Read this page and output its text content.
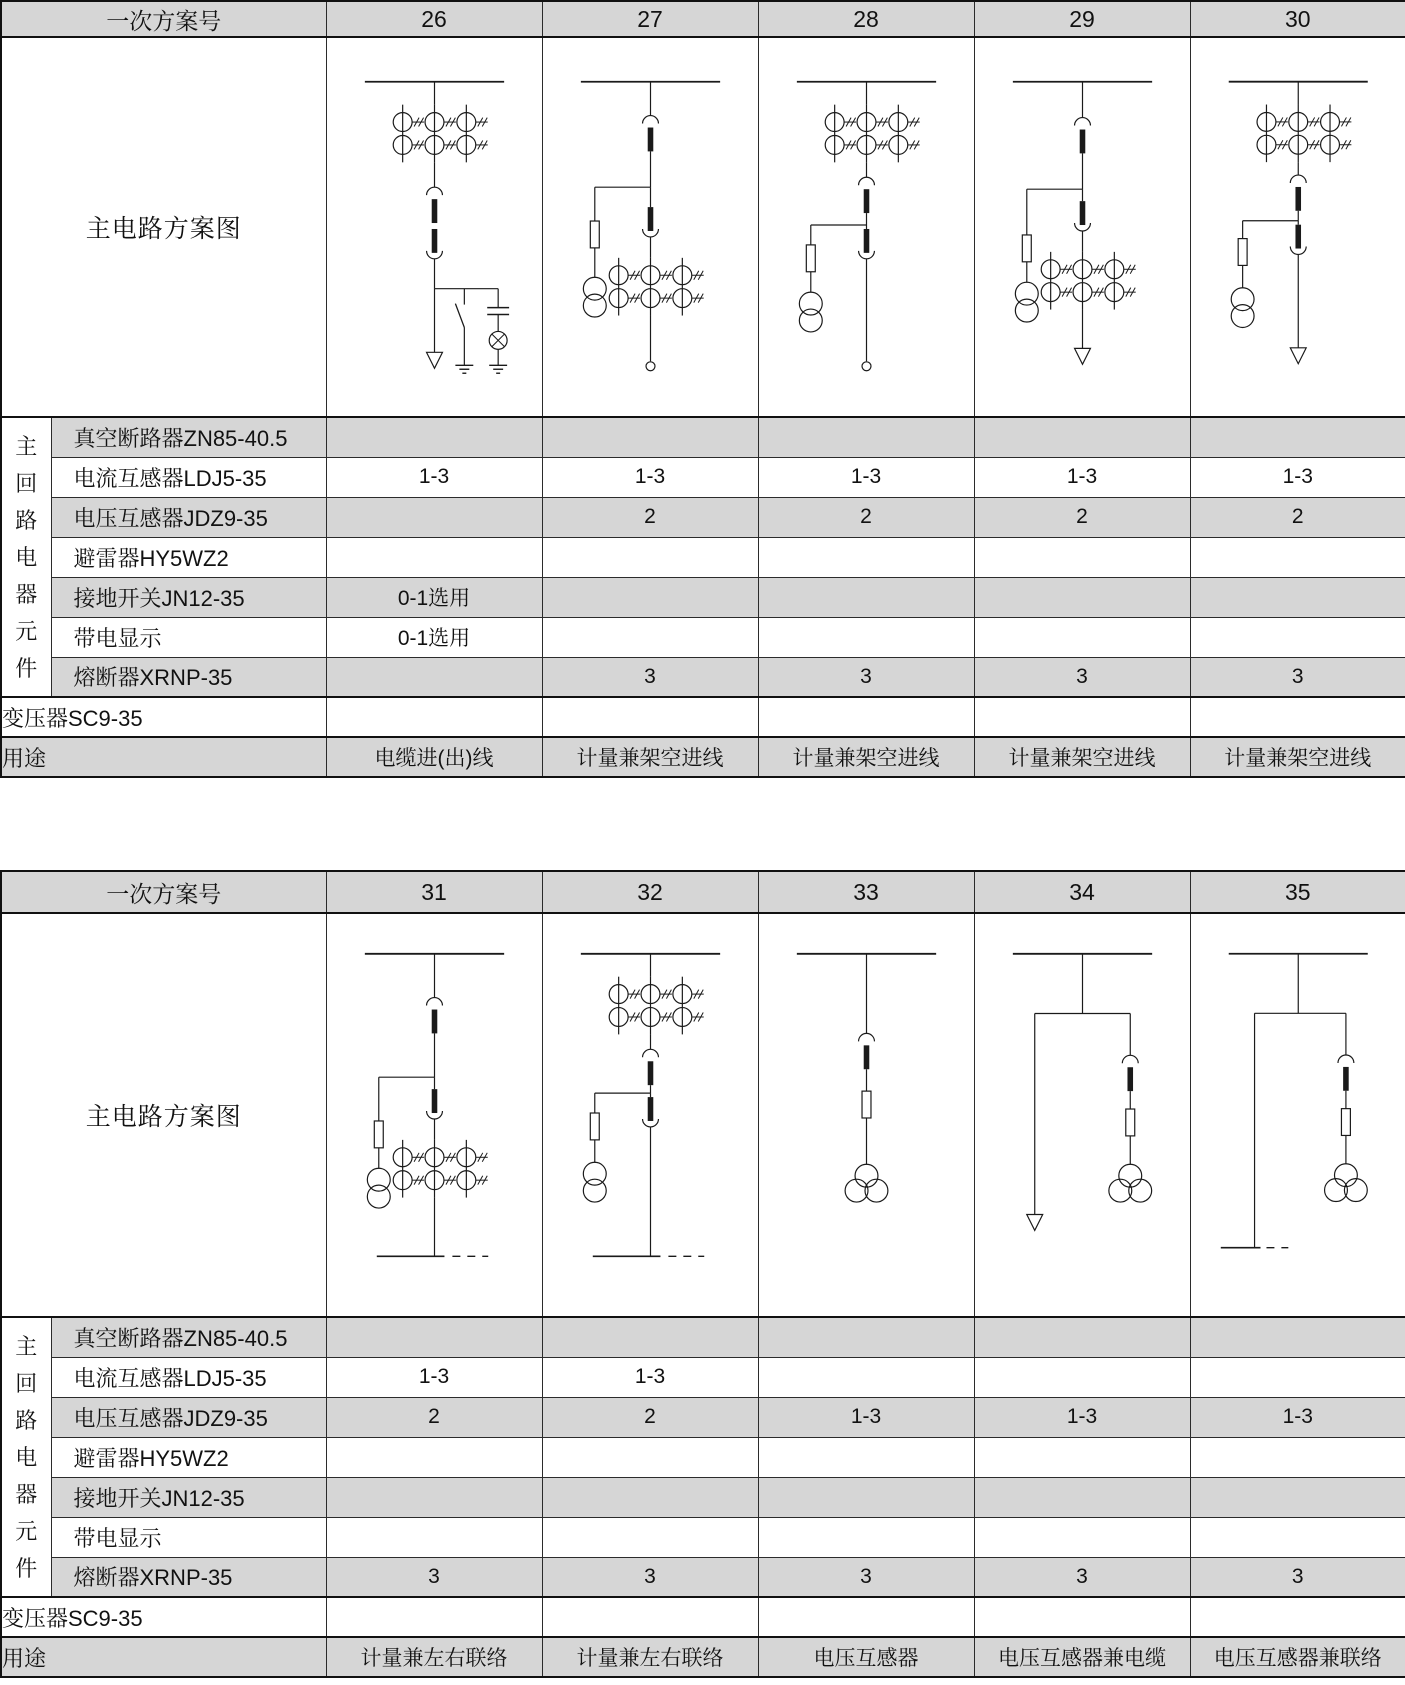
一次方案号		26	27	28	29	30
主电路方案图	

主
回
路
电
器
元
件
	真空断路器ZN85-40.5					
	电流互感器LDJ5-35	1-3	1-3	1-3	1-3	1-3
	电压互感器JDZ9-35		2	2	2	2
	避雷器HY5WZ2					
	接地开关JN12-35	0-1选用				
	带电显示	0-1选用				
	熔断器XRNP-35		3	3	3	3
变压器SC9-35						
用途		电缆进(出)线	计量兼架空进线	计量兼架空进线	计量兼架空进线	计量兼架空进线
一次方案号		31	32	33	34	35
主电路方案图	

主
回
路
电
器
元
件
	真空断路器ZN85-40.5					
	电流互感器LDJ5-35	1-3	1-3			
	电压互感器JDZ9-35	2	2	1-3	1-3	1-3
	避雷器HY5WZ2					
	接地开关JN12-35					
	带电显示					
	熔断器XRNP-35	3	3	3	3	3
变压器SC9-35						
用途		计量兼左右联络	计量兼左右联络	电压互感器	电压互感器兼电缆	电压互感器兼联络
